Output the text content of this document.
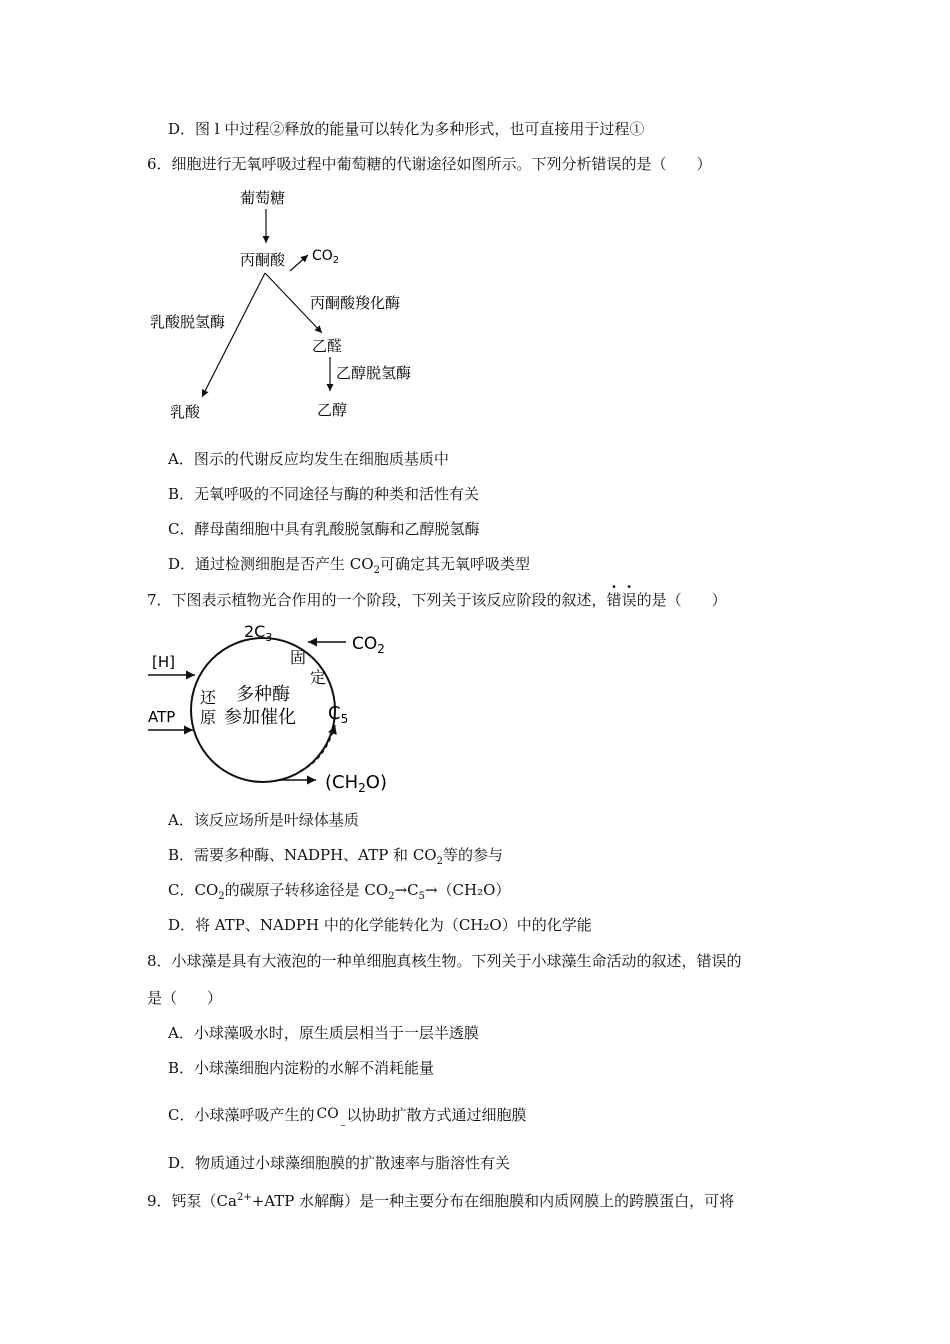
D．图 l 中过程②释放的能量可以转化为多种形式，也可直接用于过程①
6．细胞进行无氧呼吸过程中葡萄糖的代谢途径如图所示。下列分析错误的是（　　）
葡萄糖
丙酮酸 $CO_2$
丙酮酸羧化酶
乳酸脱氢酶
乙醛
乙醇脱氢酶
乳酸	乙醇
A．图示的代谢反应均发生在细胞质基质中
B．无氧呼吸的不同途径与酶的种类和活性有关
C．酵母菌细胞中具有乳酸脱氢酶和乙醇脱氢酶
D．通过检测细胞是否产生 $CO_2$可确定其无氧呼吸类型
7．下图表示植物光合作用的一个阶段，下列关于该反应阶段的叙述，错误的是（　　）
$2C_3$	$CO_2$
[H]
ATP
固
定
还
原
多种酶
参加催化 $C_5$
$(CH_2O)$
A．该反应场所是叶绿体基质
B．需要多种酶、NADPH、ATP 和 $CO_2$等的参与
C．$CO_2$的碳原子转移途径是 $CO_2\to C_5\to(CH_2O)$
D．将 ATP、NADPH 中的化学能转化为（CH₂O）中的化学能
8．小球藻是具有大液泡的一种单细胞真核生物。下列关于小球藻生命活动的叙述，错误的
是（　　）
A．小球藻吸水时，原生质层相当于一层半透膜
B．小球藻细胞内淀粉的水解不消耗能量
C．小球藻呼吸产生的 CO
–
以协助扩散方式通过细胞膜
D．物质通过小球藻细胞膜的扩散速率与脂溶性有关
9．钙泵（$Ca^{2+}+ATP$ 水解酶）是一种主要分布在细胞膜和内质网膜上的跨膜蛋白，可将
